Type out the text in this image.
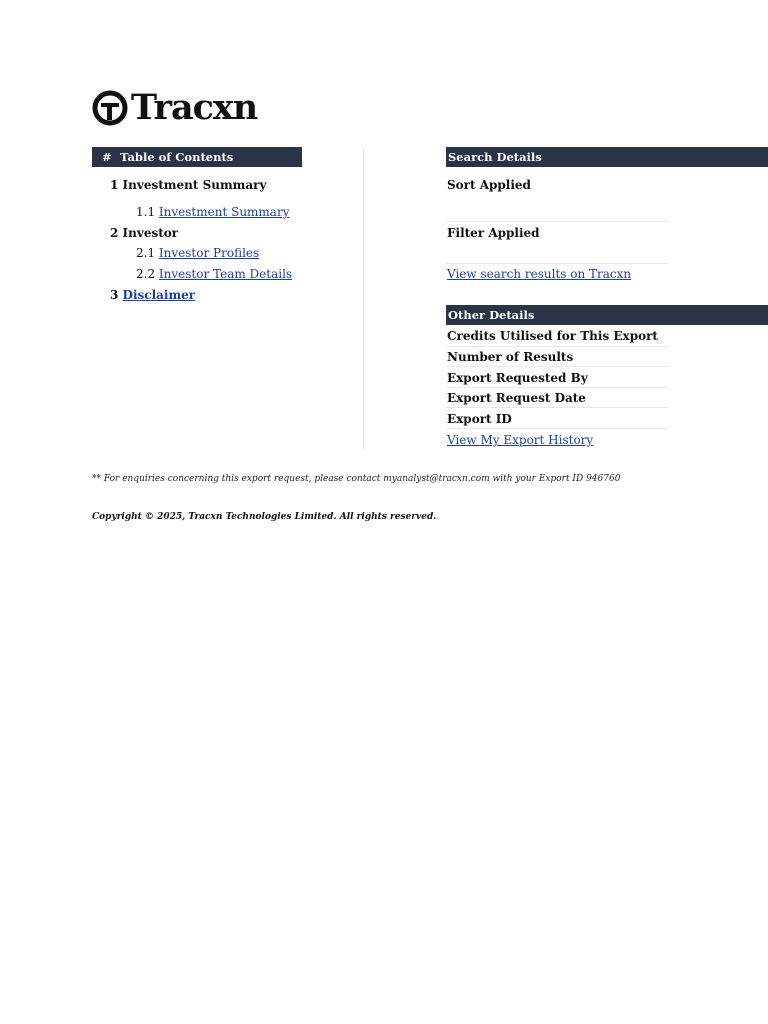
Tracxn
# Table of Contents
1 Investment Summary
1.1 Investment Summary
2 Investor
2.1 Investor Profiles
2.2 Investor Team Details
3 Disclaimer
Search Details
Sort Applied
Filter Applied
View search results on Tracxn
Other Details
Credits Utilised for This Export
Number of Results
Export Requested By
Export Request Date
Export ID
View My Export History
** For enquiries concerning this export request, please contact myanalyst@tracxn.com with your Export ID 946760
Copyright © 2025, Tracxn Technologies Limited. All rights reserved.
